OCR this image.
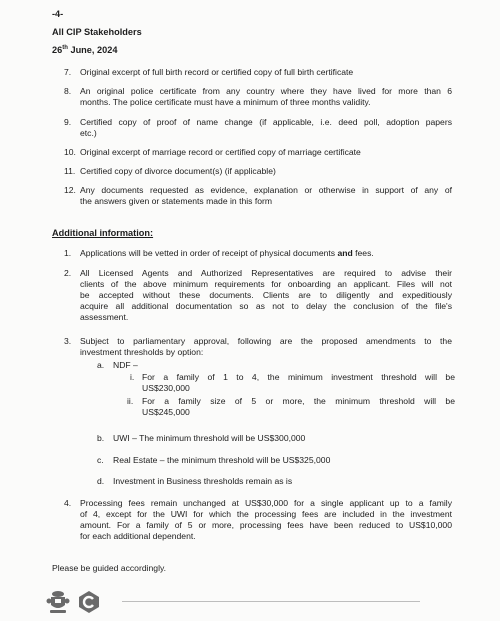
-4-
All CIP Stakeholders
26th June, 2024
7. Original excerpt of full birth record or certified copy of full birth certificate
8. An original police certificate from any country where they have lived for more than 6
months. The police certificate must have a minimum of three months validity.
9. Certified copy of proof of name change (if applicable, i.e. deed poll, adoption papers
etc.)
10. Original excerpt of marriage record or certified copy of marriage certificate
11. Certified copy of divorce document(s) (if applicable)
12. Any documents requested as evidence, explanation or otherwise in support of any of
the answers given or statements made in this form
Additional information:
1. Applications will be vetted in order of receipt of physical documents and fees.
2. All Licensed Agents and Authorized Representatives are required to advise their
clients of the above minimum requirements for onboarding an applicant. Files will not
be accepted without these documents. Clients are to diligently and expeditiously
acquire all additional documentation so as not to delay the conclusion of the file's
assessment.
3. Subject to parliamentary approval, following are the proposed amendments to the
investment thresholds by option:
a. NDF –
i. For a family of 1 to 4, the minimum investment threshold will be
US$230,000
ii. For a family size of 5 or more, the minimum threshold will be
US$245,000
b. UWI – The minimum threshold will be US$300,000
c. Real Estate – the minimum threshold will be US$325,000
d. Investment in Business thresholds remain as is
4. Processing fees remain unchanged at US$30,000 for a single applicant up to a family
of 4, except for the UWI for which the processing fees are included in the investment
amount. For a family of 5 or more, processing fees have been reduced to US$10,000
for each additional dependent.
Please be guided accordingly.
